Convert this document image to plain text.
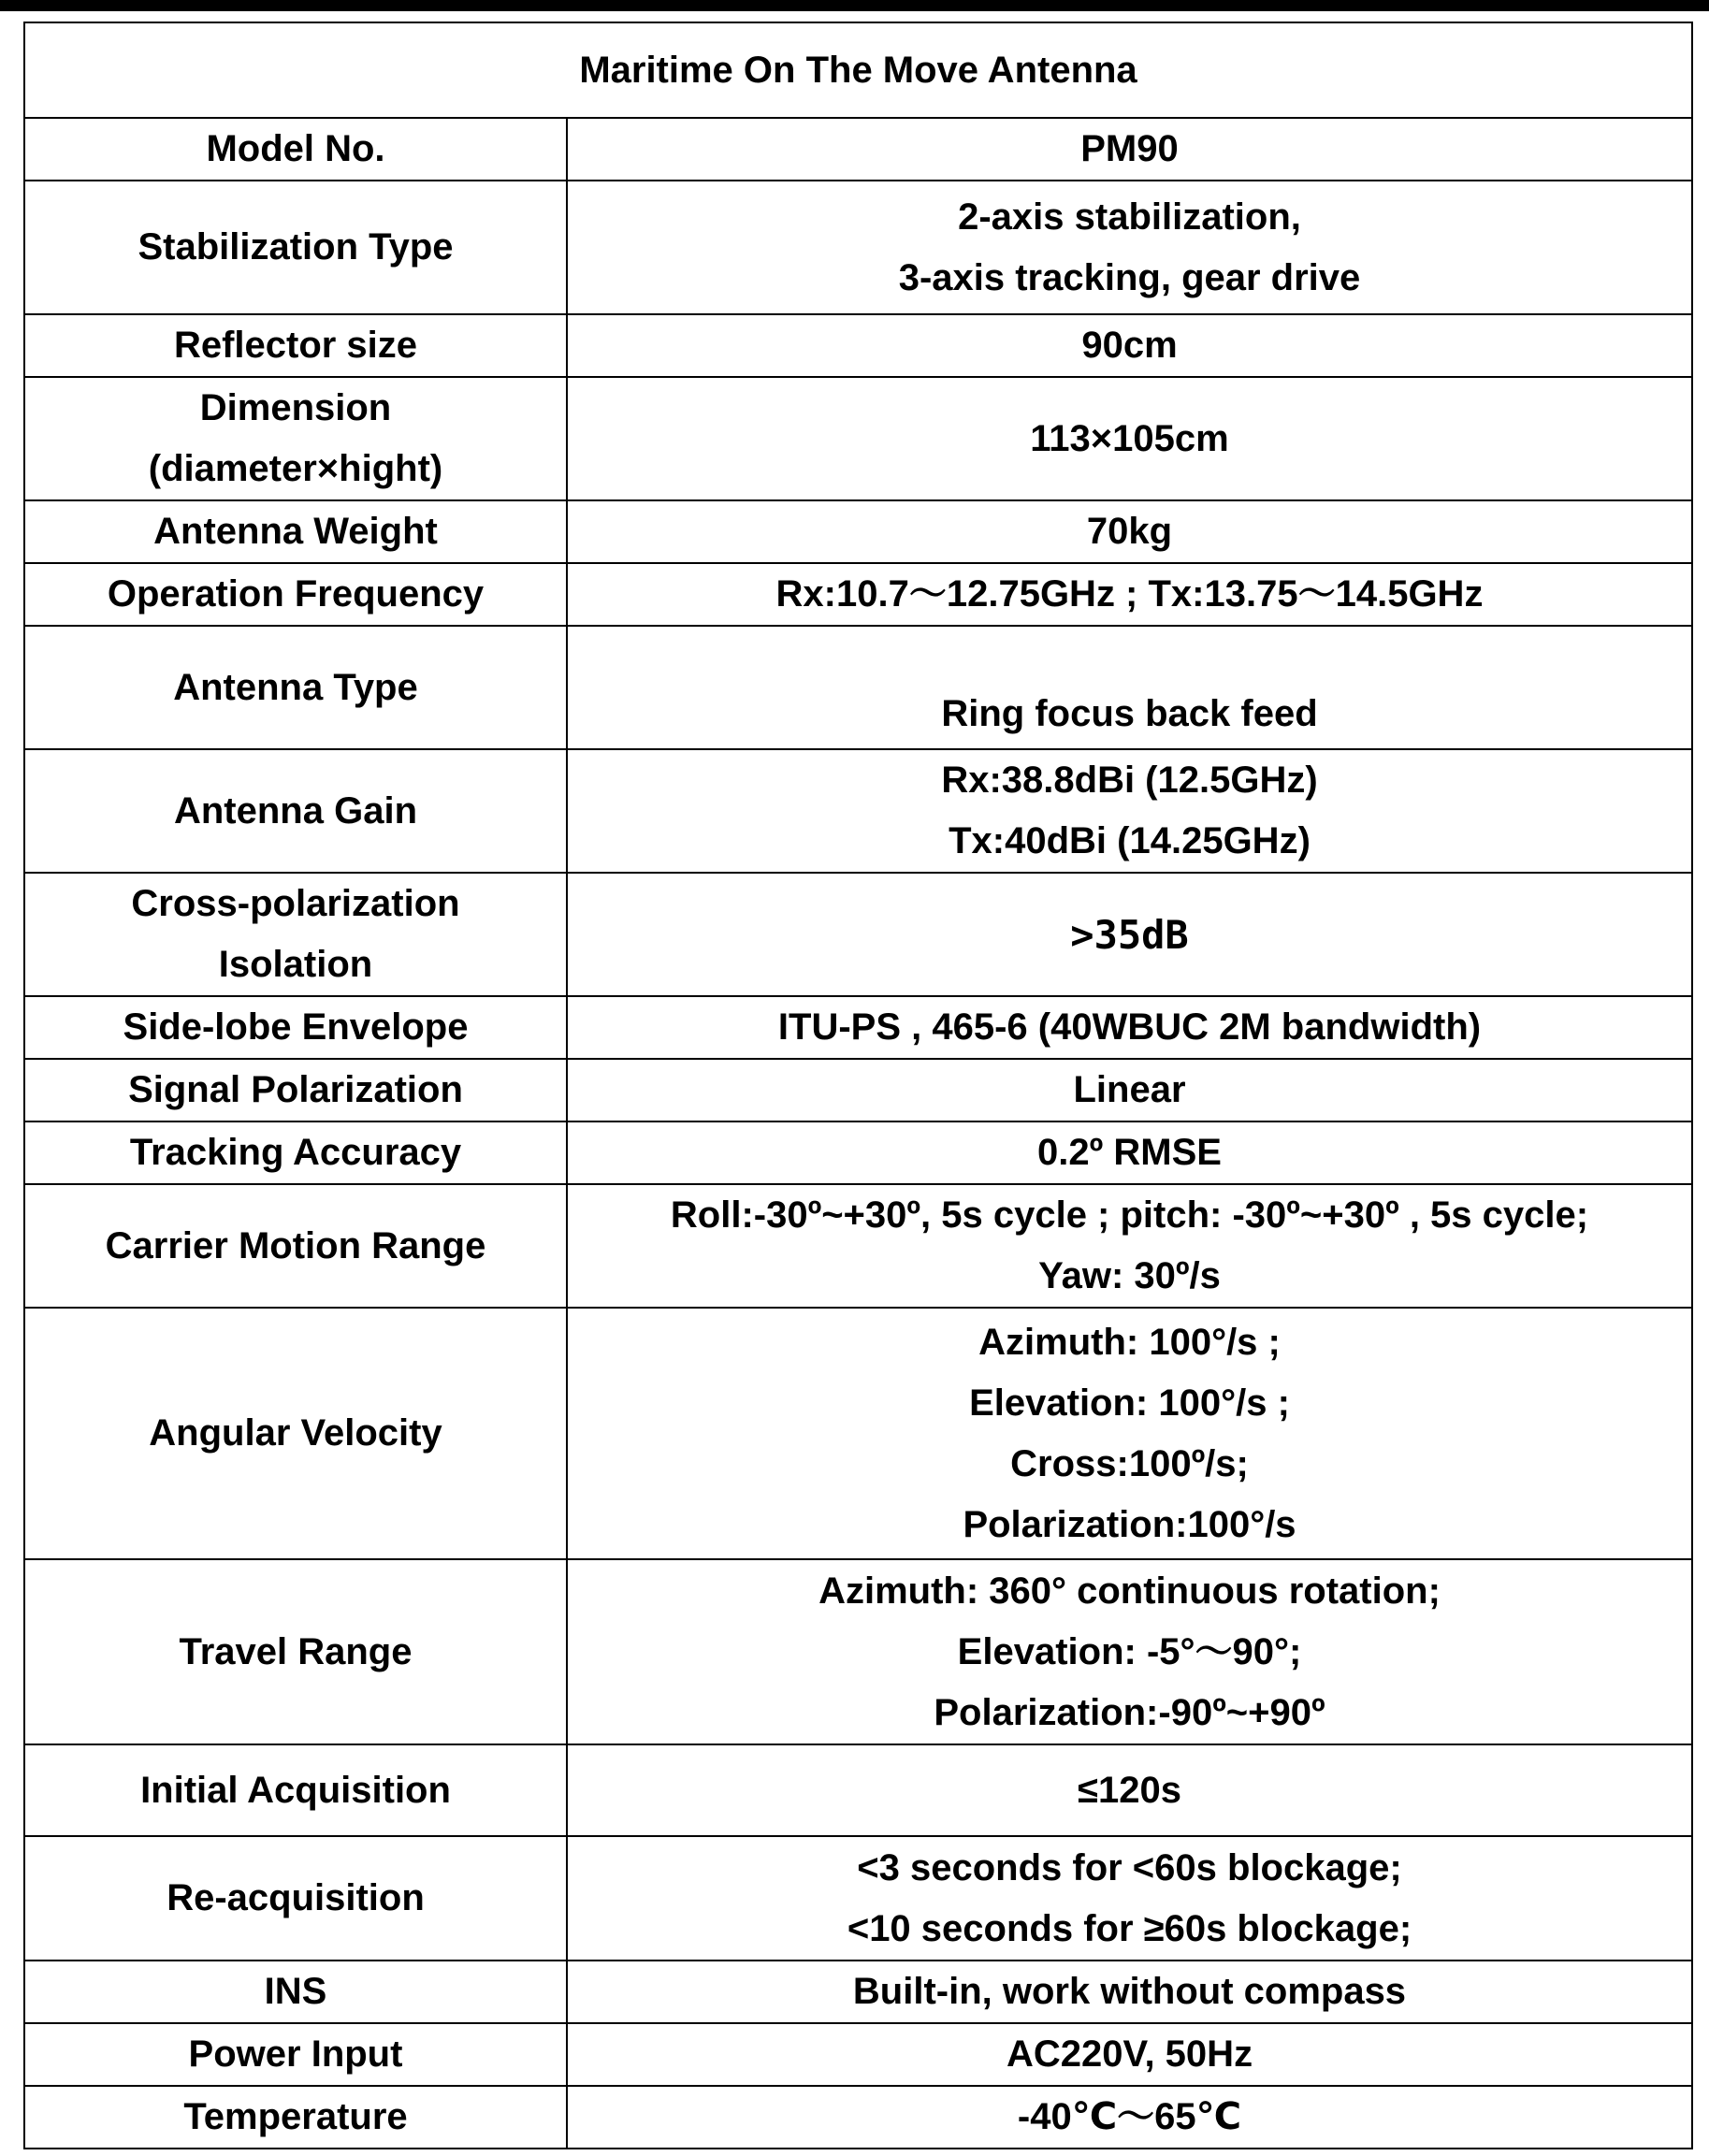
Maritime On The Move Antenna	

Model No.	PM90

Stabilization Type	2-axis stabilization,
3-axis tracking, gear drive

Reflector size	90cm

Dimension
(diameter×hight)	113×105cm

Antenna Weight	70kg

Operation Frequency	Rx:10.7～12.75GHz ; Tx:13.75～14.5GHz

Antenna Type	Ring focus back feed

Antenna Gain	Rx:38.8dBi (12.5GHz)
Tx:40dBi (14.25GHz)

Cross-polarization
Isolation	>35dB

Side-lobe Envelope	ITU-PS , 465-6 (40WBUC 2M bandwidth)

Signal Polarization	Linear

Tracking Accuracy	0.2º RMSE

Carrier Motion Range	Roll:-30º~+30º, 5s cycle ; pitch: -30º~+30º , 5s cycle;
Yaw: 30º/s

Angular Velocity	Azimuth: 100°/s ;
Elevation: 100°/s ;
Cross:100º/s;
Polarization:100°/s

Travel Range	Azimuth: 360° continuous rotation;
Elevation: -5°～90°;
Polarization:-90º~+90º

Initial Acquisition	≤120s

Re-acquisition	<3 seconds for <60s blockage;
<10 seconds for ≥60s blockage;

INS	Built-in, work without compass

Power Input	AC220V, 50Hz

Temperature	-40℃～65℃
